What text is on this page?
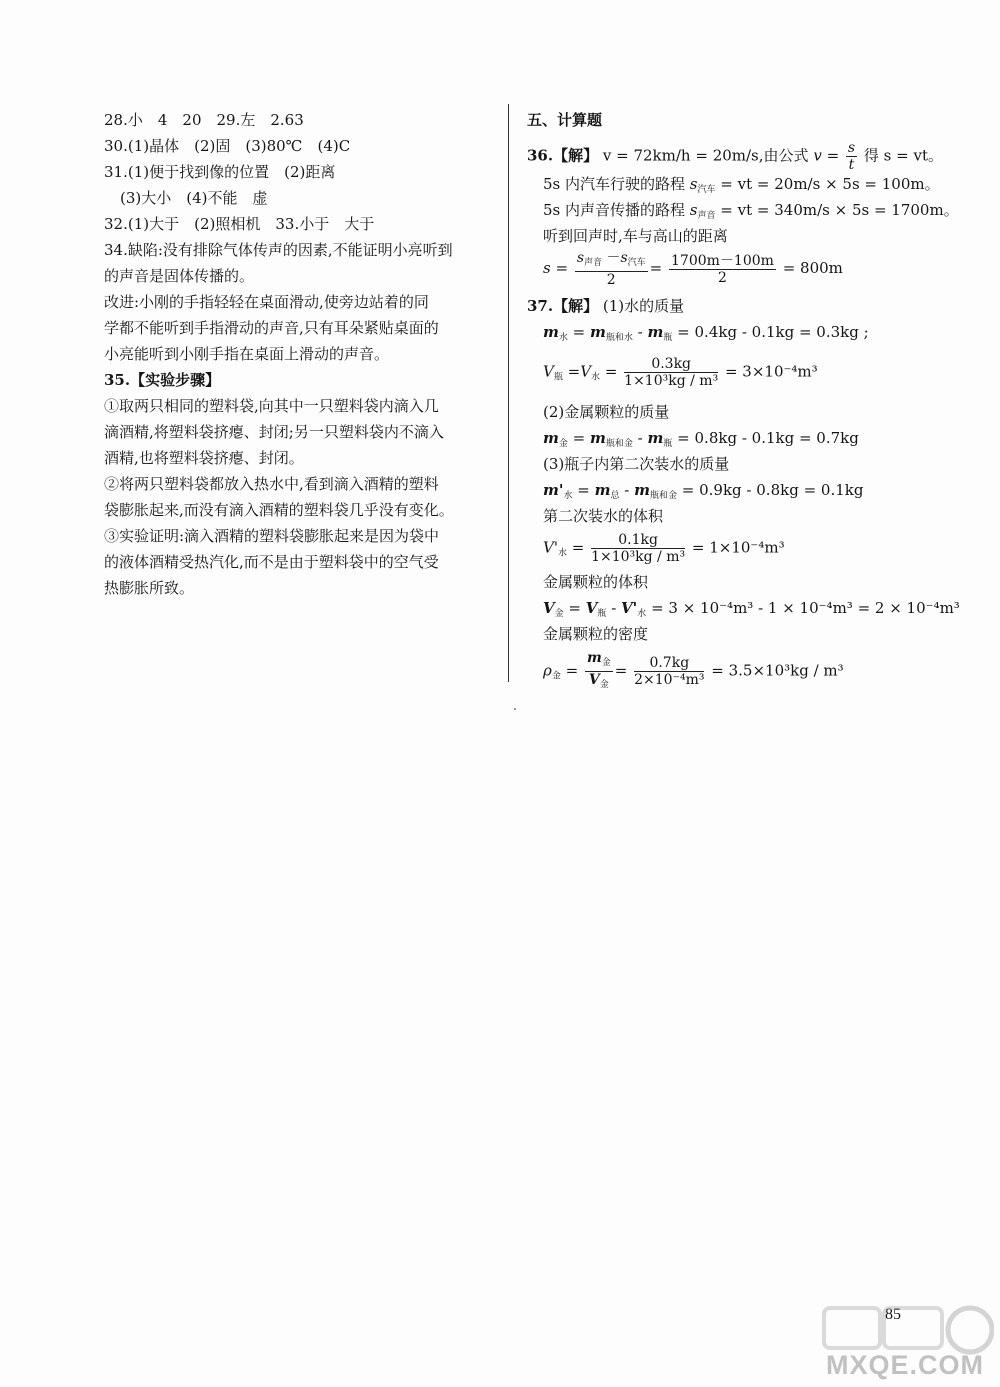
28.小　4　20　29.左　2.63
30.(1)晶体　(2)固　(3)80℃　(4)C
31.(1)便于找到像的位置　(2)距离
(3)大小　(4)不能　虚
32.(1)大于　(2)照相机　33.小于　大于
34.缺陷:没有排除气体传声的因素,不能证明小亮听到
的声音是固体传播的。
改进:小刚的手指轻轻在桌面滑动,使旁边站着的同
学都不能听到手指滑动的声音,只有耳朵紧贴桌面的
小亮能听到小刚手指在桌面上滑动的声音。
35.【实验步骤】
①取两只相同的塑料袋,向其中一只塑料袋内滴入几
滴酒精,将塑料袋挤瘪、封闭;另一只塑料袋内不滴入
酒精,也将塑料袋挤瘪、封闭。
②将两只塑料袋都放入热水中,看到滴入酒精的塑料
袋膨胀起来,而没有滴入酒精的塑料袋几乎没有变化。
③实验证明:滴入酒精的塑料袋膨胀起来是因为袋中
的液体酒精受热汽化,而不是由于塑料袋中的空气受
热膨胀所致。
五、计算题
36.【解】 v = 72km/h = 20m/s,由公式 $v = \frac{s}{t}$ 得 s = vt。
5s 内汽车行驶的路程 $s_{汽车}$ = vt = 20m/s × 5s = 100m。
5s 内声音传播的路程 $s_{声音}$ = vt = 340m/s × 5s = 1700m。
听到回声时,车与高山的距离
$s = \frac{s_{声音} -s_{汽车}}{2} = \frac{1700m-100m}{2} = 800m$
37.【解】 (1)水的质量
$m_水 = m_{瓶和水} - m_瓶 = 0.4kg - 0.1kg = 0.3kg$ ;
$V_瓶 =V_水 = \frac{0.3kg}{\text{1×10³kg / m³}} = 3\times 10^{-4}m^3$
(2)金属颗粒的质量
$m_金 = m_{瓶和金} - m_瓶 = 0.8kg - 0.1kg = 0.7kg$
(3)瓶子内第二次装水的质量
$m'_水 = m_总 - m_{瓶和金} = 0.9kg - 0.8kg = 0.1kg$
第二次装水的体积
$V'_水 = \frac{0.1kg}{\text{1×10³kg / m³}} = 1\times 10^{-4}m^3$
金属颗粒的体积
$V_金 = V_瓶 - V'_水 = 3 \times 10^{-4}m^3 - 1 \times 10^{-4}m^3 = 2 \times 10^{-4}m^3$
金属颗粒的密度
$\rho_金 = \frac{m_金}{V_金} = \frac{0.7kg}{\text{2×10⁻⁴m³}} = 3.5\times 10^3kg / m^3$
85
MXQE.COM
